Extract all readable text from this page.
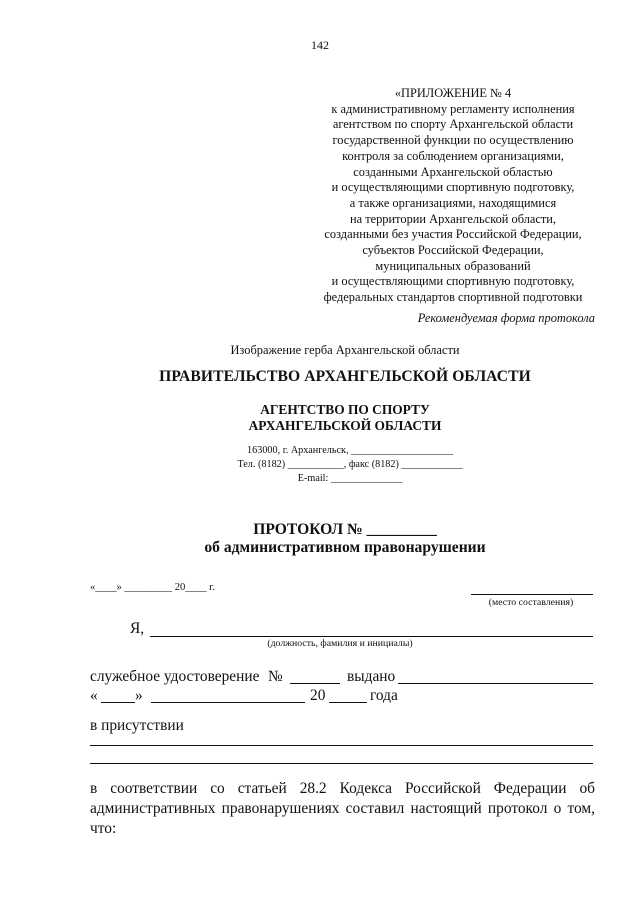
142
«ПРИЛОЖЕНИЕ № 4
к административному регламенту исполнения
агентством по спорту Архангельской области
государственной функции по осуществлению
контроля за соблюдением организациями,
созданными Архангельской областью
и осуществляющими спортивную подготовку,
а также организациями, находящимися
на территории Архангельской области,
созданными без участия Российской Федерации,
субъектов Российской Федерации,
муниципальных образований
и осуществляющими спортивную подготовку,
федеральных стандартов спортивной подготовки
Рекомендуемая форма протокола
Изображение герба Архангельской области
ПРАВИТЕЛЬСТВО АРХАНГЕЛЬСКОЙ ОБЛАСТИ
АГЕНТСТВО ПО СПОРТУ
АРХАНГЕЛЬСКОЙ ОБЛАСТИ
163000, г. Архангельск, ____________________
Тел. (8182) ___________, факс (8182) ____________
E-mail: ______________
ПРОТОКОЛ № _________
об административном правонарушении
«____» _________ 20____ г.
(место составления)
Я,
(должность, фамилия и инициалы)
служебное удостоверение №	выдано
« »	20	года
в присутствии
в соответствии со статьей 28.2 Кодекса Российской Федерации об административных правонарушениях составил настоящий протокол о том, что:
